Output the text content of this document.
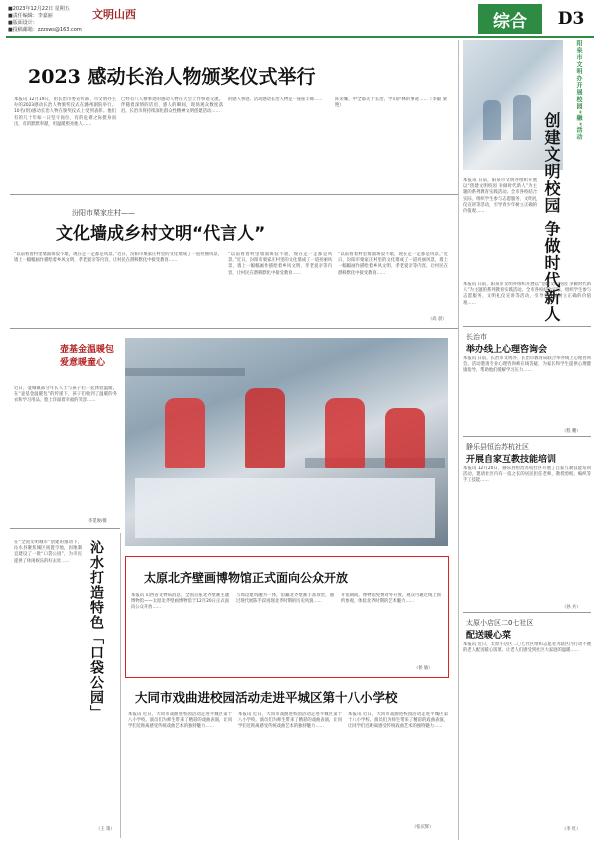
■2023年12月22日 星期五
■责任编辑：李嘉丽
■版面设计：
■投稿邮箱：zzzsws@163.com
文明山西	综合	D3
2023 感动长治人物颁奖仪式举行
本报讯 12月19日，由长治市委宣传部、市文明办主办的2023感动长治人物颁奖仪式在潞州剧院举行。10名(组)感动长治人物在颁奖仪式上受到表彰。他们有的几十年如一日坚守岗位，有的危难之际挺身而出，有的默默奉献，用温暖照亮他人……
已经有八人撰事迹的感动人物在大会上作事迹交流。伴随着深情的话语、感人的瞬间，现场观众数度落泪。长治市将持续深化群众性精神文明创建活动……
的感人事迹。活动感动长治人物是一座座丰碑……	阵荣耀，中全都关于长治，学山护林的事迹……（李毅 梁艳）
汾阳市栗家庄村——
文化墙成乡村文明“代言人”
“以前看着村里墙面斑驳不堪，现在走一走都是风景。”近日，汾阳市栗家庄村里的文化墙成了一道亮丽风景，墙上一幅幅画作描绘着乡风文明、孝老爱亲等内容，让村民在潜移默化中接受教育……
“以前看着村里墙面斑驳不堪，现在走一走都是风景。”近日，汾阳市栗家庄村里的文化墙成了一道亮丽风景，墙上一幅幅画作描绘着乡风文明、孝老爱亲等内容，让村民在潜移默化中接受教育……
“以前看着村里墙面斑驳不堪，现在走一走都是风景。”近日，汾阳市栗家庄村里的文化墙成了一道亮丽风景，墙上一幅幅画作描绘着乡风文明、孝老爱亲等内容，让村民在潜移默化中接受教育……
（高 晨）
壶基金温暖包
爱意暖童心
近日，壶城镇部分年长人士与孩子们一起体验温暖。在“壶基金温暖包”的传递下，孩子们收到了温暖的冬衣和学习用品，脸上洋溢着幸福的笑容……
李觅俊/摄
沁水打造特色「口袋公园」
在“全国文明城市”创建的推动下，沁水县聚焦城区闲置空地，因地制宜建设了一批“口袋公园”，为市民提供了休闲娱乐的好去处……
（王 策）
太原北齐壁画博物馆正式面向公众开放
本报讯 山西省文物局消息，全国首座北齐壁画主题博物馆——太原北齐壁画博物馆于12月20日正式面向公众开放……
与周边建筑融为一体，馆藏北齐壁画丰富珍贵，通过现代展陈手段再现北齐时期的历史风貌……
开馆期间，博物馆免费对外开放，观众可通过线上预约参观，体验北齐时期的艺术魅力……
（侯 敏）
大同市戏曲进校园活动走进平城区第十八小学校
本报讯 近日，大同市戏曲进校园活动走进平城区第十八小学校。演员们为师生带来了精彩的戏曲表演，让同学们近距离感受传统戏曲艺术的独特魅力……
本报讯 近日，大同市戏曲进校园活动走进平城区第十八小学校。演员们为师生带来了精彩的戏曲表演，让同学们近距离感受传统戏曲艺术的独特魅力……
本报讯 近日，大同市戏曲进校园活动走进平城区第十八小学校。演员们为师生带来了精彩的戏曲表演，让同学们近距离感受传统戏曲艺术的独特魅力……
（张庆辉）
阳泉市文明办开展校园“融”活动
创建文明校园 争做时代新人
本报讯 日前，阳泉市文明办组织开展以“创建文明校园 争做时代新人”为主题的系列教育实践活动。全市各校结合实际，组织学生参与志愿服务、文明礼仪宣讲等活动，引导青少年树立正确的价值观……
本报讯 日前，阳泉市文明办组织开展以“创建文明校园 争做时代新人”为主题的系列教育实践活动。全市各校结合实际，组织学生参与志愿服务、文明礼仪宣讲等活动，引导青少年树立正确的价值观……
长治市
举办线上心理咨询会
本报讯 日前，长治市文明办、长治市教育局联合举办线上心理咨询会。活动邀请专业心理咨询师在线答疑，为家长和学生提供心理健康指导，帮助他们缓解学习压力……
（程 鹏）
静乐县恒治苏杭社区
开展自家互教技能培训
本报讯 12月20日，静乐县恒治苏杭社区开展了自家互教技能培训活动，邀请社区内有一技之长的居民担任老师，教授剪纸、编织等手工技能……
（孙 兵）
太原小店区二0七社区
配送暖心菜
本报讯 近日，太原小店区二〇七社区组织志愿者为辖区内行动不便的老人配送暖心饭菜，让老人们感受到社区大家庭的温暖……
（李 红）
